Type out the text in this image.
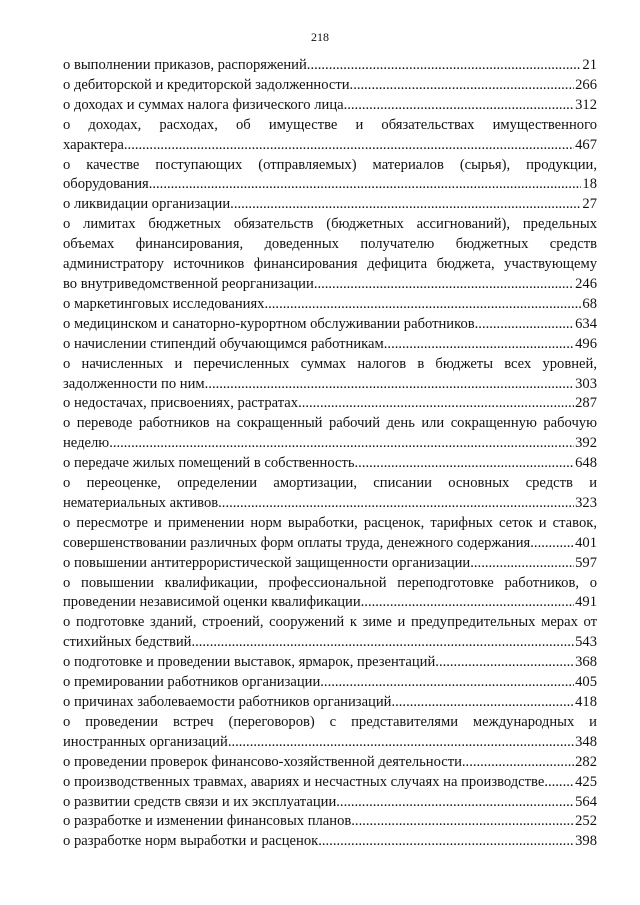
218
о выполнении приказов, распоряжений .....	21
о дебиторской и кредиторской задолженности .....	266
о доходах и суммах налога физического лица .....	312
о доходах, расходах, об имуществе и обязательствах имущественного
характера .....	467
о качестве поступающих (отправляемых) материалов (сырья), продукции,
оборудования .....	18
о ликвидации организации .....	27
о лимитах бюджетных обязательств (бюджетных ассигнований), предельных
объемах финансирования, доведенных получателю бюджетных средств
администратору источников финансирования дефицита бюджета, участвующему
во внутриведомственной реорганизации .....	246
о маркетинговых исследованиях .....	68
о медицинском и санаторно-курортном обслуживании работников .....	634
о начислении стипендий обучающимся работникам .....	496
о начисленных и перечисленных суммах налогов в бюджеты всех уровней,
задолженности по ним .....	303
о недостачах, присвоениях, растратах .....	287
о переводе работников на сокращенный рабочий день или сокращенную рабочую
неделю .....	392
о передаче жилых помещений в собственность .....	648
о переоценке, определении амортизации, списании основных средств и
нематериальных активов .....	323
о пересмотре и применении норм выработки, расценок, тарифных сеток и ставок,
совершенствовании различных форм оплаты труда, денежного содержания .....	401
о повышении антитеррористической защищенности организации .....	597
о повышении квалификации, профессиональной переподготовке работников, о
проведении независимой оценки квалификации .....	491
о подготовке зданий, строений, сооружений к зиме и предупредительных мерах от
стихийных бедствий .....	543
о подготовке и проведении выставок, ярмарок, презентаций .....	368
о премировании работников организации .....	405
о причинах заболеваемости работников организаций .....	418
о проведении встреч (переговоров) с представителями международных и
иностранных организаций .....	348
о проведении проверок финансово-хозяйственной деятельности .....	282
о производственных травмах, авариях и несчастных случаях на производстве ..... 425
о развитии средств связи и их эксплуатации .....	564
о разработке и изменении финансовых планов .....	252
о разработке норм выработки и расценок .....	398
